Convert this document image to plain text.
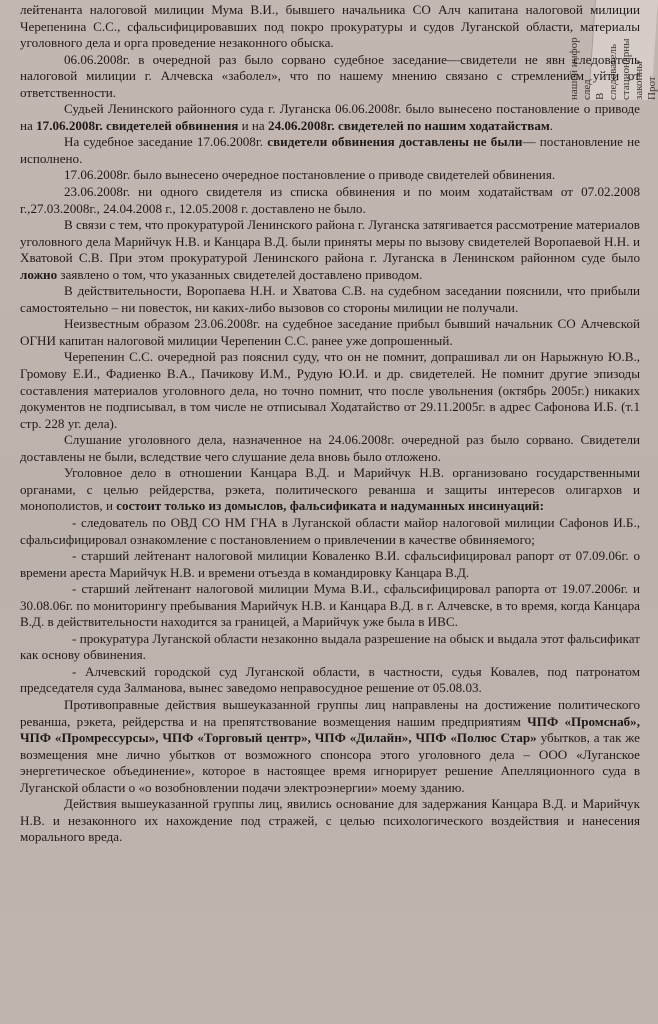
Прот
законны
стационарны
следователь
В
след
нашей инфор

лейтенанта налоговой милиции Мума В.И., бывшего начальника СО Алч капитана налоговой милиции Черепенина С.С., сфальсифицировавших под покро прокуратуры и судов Луганской области, материалы уголовного дела и орга проведение незаконного обыска.

06.06.2008г. в очередной раз было сорвано судебное заседание—свидетели не явн следователь налоговой милиции г. Алчевска «заболел», что по нашему мнению связано с стремлением уйти от ответственности.

Судьей Ленинского районного суда г. Луганска 06.06.2008г. было вынесено постановление о приводе на 17.06.2008г. свидетелей обвинения и на 24.06.2008г. свидетелей по нашим ходатайствам.

На судебное заседание 17.06.2008г. свидетели обвинения доставлены не были— постановление не исполнено.

17.06.2008г. было вынесено очередное постановление о приводе свидетелей обвинения.

23.06.2008г. ни одного свидетеля из списка обвинения и по моим ходатайствам от 07.02.2008 г.,27.03.2008г., 24.04.2008 г., 12.05.2008 г. доставлено не было.

В связи с тем, что прокуратурой Ленинского района г. Луганска затягивается рассмотрение материалов уголовного дела Марийчук Н.В. и Канцара В.Д. были приняты меры по вызову свидетелей Воропаевой Н.Н. и Хватовой С.В. При этом прокуратурой Ленинского района г. Луганска в Ленинском районном суде было ложно заявлено о том, что указанных свидетелей доставлено приводом.

В действительности, Воропаева Н.Н. и Хватова С.В. на судебном заседании пояснили, что прибыли самостоятельно – ни повесток, ни каких-либо вызовов со стороны милиции не получали.

Неизвестным образом 23.06.2008г. на судебное заседание прибыл бывший начальник СО Алчевской ОГНИ капитан налоговой милиции Черепенин С.С. ранее уже допрошенный.

Черепенин С.С. очередной раз пояснил суду, что он не помнит, допрашивал ли он Нарыжную Ю.В., Громову Е.И., Фадиенко В.А., Пачикову И.М., Рудую Ю.И. и др. свидетелей. Не помнит другие эпизоды составления материалов уголовного дела, но точно помнит, что после увольнения (октябрь 2005г.) никаких документов не подписывал, в том числе не отписывал Ходатайство от 29.11.2005г. в адрес Сафонова И.Б. (т.1 стр. 228 уг. дела).

Слушание уголовного дела, назначенное на 24.06.2008г. очередной раз было сорвано. Свидетели доставлены не были, вследствие чего слушание дела вновь было отложено.

Уголовное дело в отношении Канцара В.Д. и Марийчук Н.В. организовано государственными органами, с целью рейдерства, рэкета, политического реванша и защиты интересов олигархов и монополистов, и состоит только из домыслов, фальсификата и надуманных инсинуаций:

- следователь по ОВД СО НМ ГНА в Луганской области майор налоговой милиции Сафонов И.Б., сфальсифицировал ознакомление с постановлением о привлечении в качестве обвиняемого;

- старший лейтенант налоговой милиции Коваленко В.И. сфальсифицировал рапорт от 07.09.06г. о времени ареста Марийчук Н.В. и времени отъезда в командировку Канцара В.Д.

- старший лейтенант налоговой милиции Мума В.И., сфальсифицировал рапорта от 19.07.2006г. и 30.08.06г. по мониторингу пребывания Марийчук Н.В. и Канцара В.Д. в г. Алчевске, в то время, когда Канцара В.Д. в действительности находится за границей, а Марийчук уже была в ИВС.

- прокуратура Луганской области незаконно выдала разрешение на обыск и выдала этот фальсификат как основу обвинения.

- Алчевский городской суд Луганской области, в частности, судья Ковалев, под патронатом председателя суда Залманова, вынес заведомо неправосудное решение от 05.08.03.

Противоправные действия вышеуказанной группы лиц направлены на достижение политического реванша, рэкета, рейдерства и на препятствование возмещения нашим предприятиям ЧПФ «Промснаб», ЧПФ «Промрессурсы», ЧПФ «Торговый центр», ЧПФ «Дилайн», ЧПФ «Полюс Стар» убытков, а так же возмещения мне лично убытков от возможного спонсора этого уголовного дела – ООО «Луганское энергетическое объединение», которое в настоящее время игнорирует решение Апелляционного суда в Луганской области о «о возобновлении подачи электроэнергии» моему зданию.

Действия вышеуказанной группы лиц, явились основание для задержания Канцара В.Д. и Марийчук Н.В. и незаконного их нахождение под стражей, с целью психологического воздействия и нанесения морального вреда.
